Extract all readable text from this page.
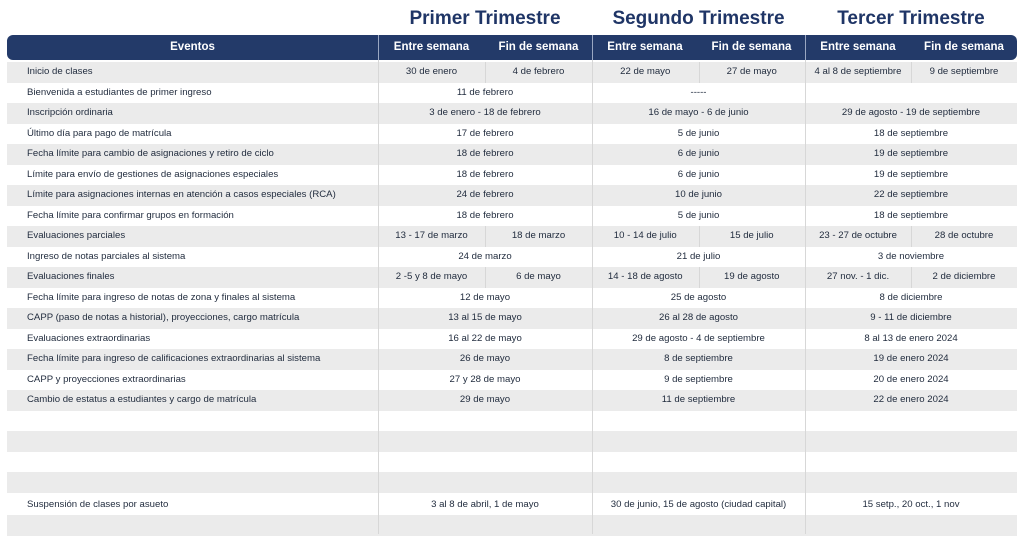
Primer Trimestre	Segundo Trimestre	Tercer Trimestre
Eventos	Entre semana	Fin de semana	Entre semana	Fin de semana	Entre semana	Fin de semana
Inicio de clases	30 de enero	4 de febrero	22 de mayo	27 de mayo	4 al 8 de septiembre	9 de septiembre
Bienvenida a estudiantes de primer ingreso	11 de febrero	-----
Inscripción ordinaria	3 de enero - 18 de febrero	16 de mayo - 6 de junio	29 de agosto - 19 de septiembre
Último día para pago de matrícula	17 de febrero	5 de junio	18 de septiembre
Fecha límite para cambio de asignaciones y retiro de ciclo	18 de febrero	6 de junio	19 de septiembre
Límite para envío de gestiones de asignaciones especiales	18 de febrero	6 de junio	19 de septiembre
Límite para asignaciones internas en atención a casos especiales (RCA)	24 de febrero	10 de junio	22 de septiembre
Fecha límite para confirmar grupos en formación	18 de febrero	5 de junio	18 de septiembre
Evaluaciones parciales	13 - 17 de marzo	18 de marzo	10 - 14 de julio	15 de julio	23 - 27 de octubre	28 de octubre
Ingreso de notas parciales al sistema	24 de marzo	21 de julio	3 de noviembre
Evaluaciones finales	2 -5 y 8 de mayo	6 de mayo	14 - 18 de agosto	19 de agosto	27 nov. - 1 dic.	2 de diciembre
Fecha límite para ingreso de notas de zona y finales al sistema	12 de mayo	25 de agosto	8 de diciembre
CAPP (paso de notas a historial), proyecciones, cargo matrícula	13 al 15 de mayo	26 al 28 de agosto	9 - 11 de diciembre
Evaluaciones extraordinarias	16 al 22 de mayo	29 de agosto - 4 de septiembre	8 al 13 de enero 2024
Fecha límite para ingreso de calificaciones extraordinarias al sistema	26 de mayo	8 de septiembre	19 de enero 2024
CAPP y proyecciones extraordinarias	27 y 28 de mayo	9 de septiembre	20 de enero 2024
Cambio de estatus a estudiantes y cargo de matrícula	29 de mayo	11 de septiembre	22 de enero 2024
Suspensión de clases por asueto	3 al 8 de abril, 1 de mayo	30 de junio, 15 de agosto (ciudad capital)	15 setp., 20 oct., 1 nov
